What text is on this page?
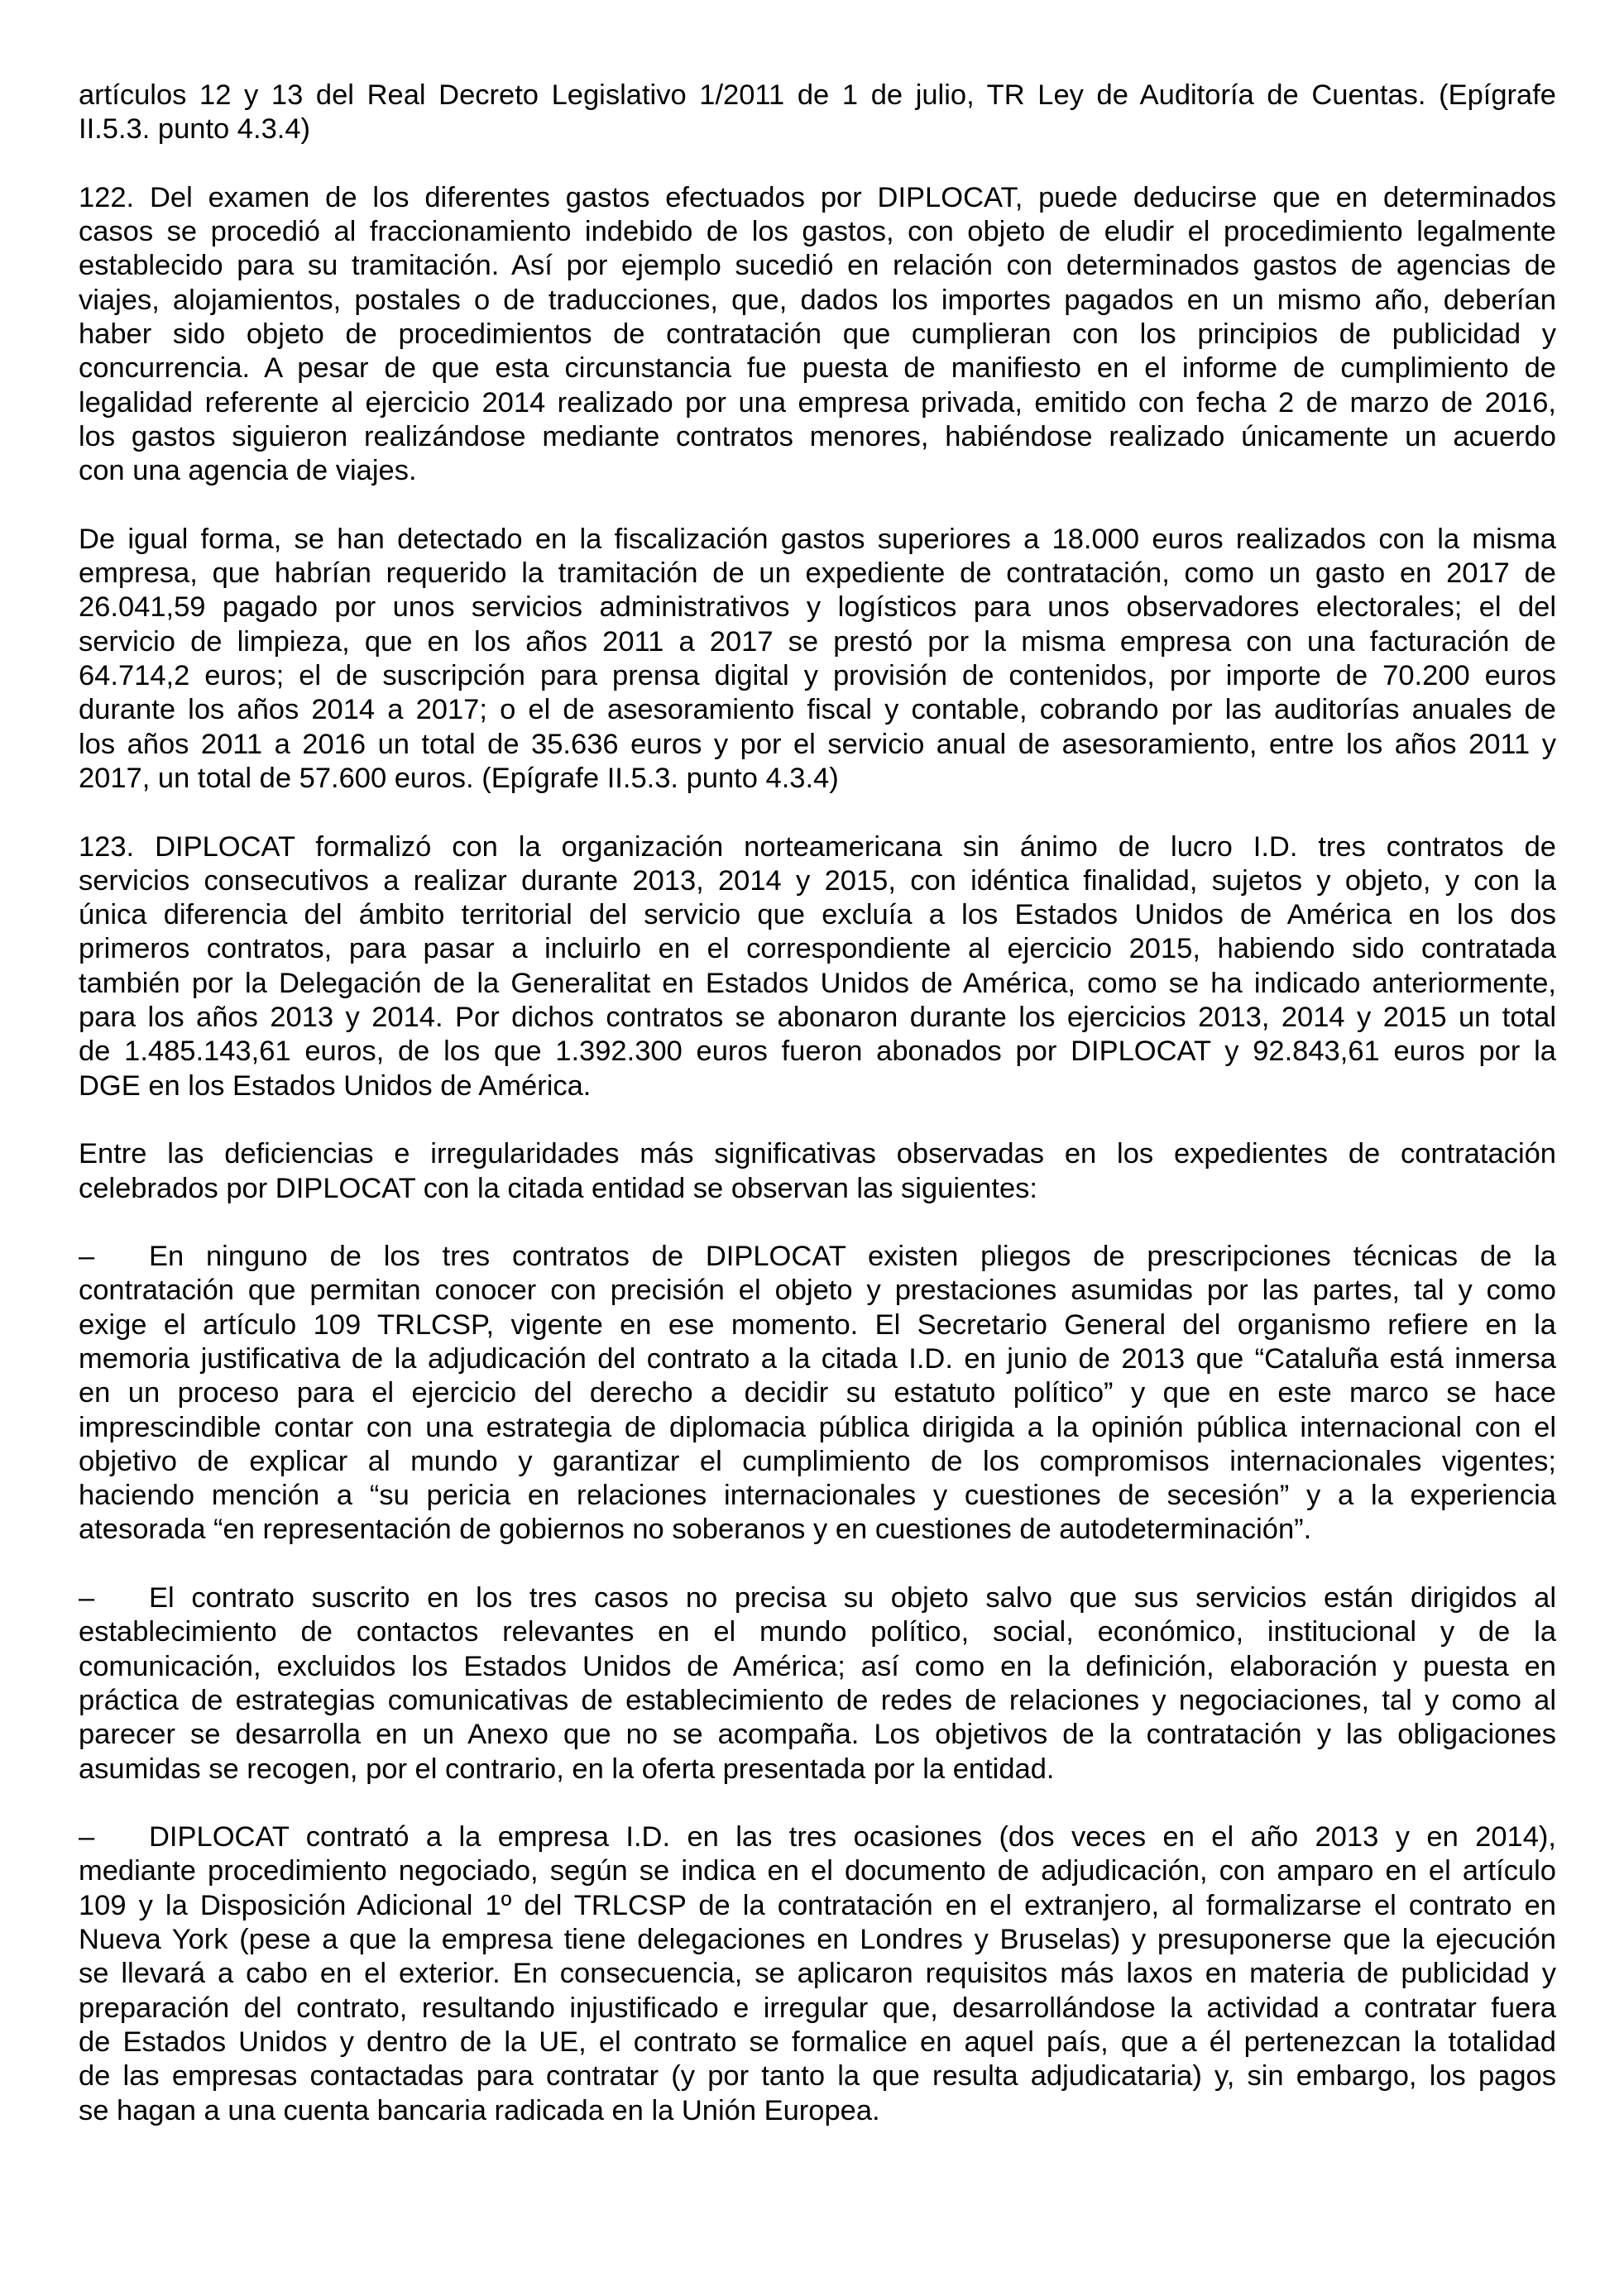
artículos 12 y 13 del Real Decreto Legislativo 1/2011 de 1 de julio, TR Ley de Auditoría de Cuentas. (Epígrafe
II.5.3. punto 4.3.4)
122. Del examen de los diferentes gastos efectuados por DIPLOCAT, puede deducirse que en determinados
casos se procedió al fraccionamiento indebido de los gastos, con objeto de eludir el procedimiento legalmente
establecido para su tramitación. Así por ejemplo sucedió en relación con determinados gastos de agencias de
viajes, alojamientos, postales o de traducciones, que, dados los importes pagados en un mismo año, deberían
haber sido objeto de procedimientos de contratación que cumplieran con los principios de publicidad y
concurrencia. A pesar de que esta circunstancia fue puesta de manifiesto en el informe de cumplimiento de
legalidad referente al ejercicio 2014 realizado por una empresa privada, emitido con fecha 2 de marzo de 2016,
los gastos siguieron realizándose mediante contratos menores, habiéndose realizado únicamente un acuerdo
con una agencia de viajes.
De igual forma, se han detectado en la fiscalización gastos superiores a 18.000 euros realizados con la misma
empresa, que habrían requerido la tramitación de un expediente de contratación, como un gasto en 2017 de
26.041,59 pagado por unos servicios administrativos y logísticos para unos observadores electorales; el del
servicio de limpieza, que en los años 2011 a 2017 se prestó por la misma empresa con una facturación de
64.714,2 euros; el de suscripción para prensa digital y provisión de contenidos, por importe de 70.200 euros
durante los años 2014 a 2017; o el de asesoramiento fiscal y contable, cobrando por las auditorías anuales de
los años 2011 a 2016 un total de 35.636 euros y por el servicio anual de asesoramiento, entre los años 2011 y
2017, un total de 57.600 euros. (Epígrafe II.5.3. punto 4.3.4)
123. DIPLOCAT formalizó con la organización norteamericana sin ánimo de lucro I.D. tres contratos de
servicios consecutivos a realizar durante 2013, 2014 y 2015, con idéntica finalidad, sujetos y objeto, y con la
única diferencia del ámbito territorial del servicio que excluía a los Estados Unidos de América en los dos
primeros contratos, para pasar a incluirlo en el correspondiente al ejercicio 2015, habiendo sido contratada
también por la Delegación de la Generalitat en Estados Unidos de América, como se ha indicado anteriormente,
para los años 2013 y 2014. Por dichos contratos se abonaron durante los ejercicios 2013, 2014 y 2015 un total
de 1.485.143,61 euros, de los que 1.392.300 euros fueron abonados por DIPLOCAT y 92.843,61 euros por la
DGE en los Estados Unidos de América.
Entre las deficiencias e irregularidades más significativas observadas en los expedientes de contratación
celebrados por DIPLOCAT con la citada entidad se observan las siguientes:
–	En ninguno de los tres contratos de DIPLOCAT existen pliegos de prescripciones técnicas de la
contratación que permitan conocer con precisión el objeto y prestaciones asumidas por las partes, tal y como
exige el artículo 109 TRLCSP, vigente en ese momento. El Secretario General del organismo refiere en la
memoria justificativa de la adjudicación del contrato a la citada I.D. en junio de 2013 que “Cataluña está inmersa
en un proceso para el ejercicio del derecho a decidir su estatuto político” y que en este marco se hace
imprescindible contar con una estrategia de diplomacia pública dirigida a la opinión pública internacional con el
objetivo de explicar al mundo y garantizar el cumplimiento de los compromisos internacionales vigentes;
haciendo mención a “su pericia en relaciones internacionales y cuestiones de secesión” y a la experiencia
atesorada “en representación de gobiernos no soberanos y en cuestiones de autodeterminación”.
–	El contrato suscrito en los tres casos no precisa su objeto salvo que sus servicios están dirigidos al
establecimiento de contactos relevantes en el mundo político, social, económico, institucional y de la
comunicación, excluidos los Estados Unidos de América; así como en la definición, elaboración y puesta en
práctica de estrategias comunicativas de establecimiento de redes de relaciones y negociaciones, tal y como al
parecer se desarrolla en un Anexo que no se acompaña. Los objetivos de la contratación y las obligaciones
asumidas se recogen, por el contrario, en la oferta presentada por la entidad.
–	DIPLOCAT contrató a la empresa I.D. en las tres ocasiones (dos veces en el año 2013 y en 2014),
mediante procedimiento negociado, según se indica en el documento de adjudicación, con amparo en el artículo
109 y la Disposición Adicional 1º del TRLCSP de la contratación en el extranjero, al formalizarse el contrato en
Nueva York (pese a que la empresa tiene delegaciones en Londres y Bruselas) y presuponerse que la ejecución
se llevará a cabo en el exterior. En consecuencia, se aplicaron requisitos más laxos en materia de publicidad y
preparación del contrato, resultando injustificado e irregular que, desarrollándose la actividad a contratar fuera
de Estados Unidos y dentro de la UE, el contrato se formalice en aquel país, que a él pertenezcan la totalidad
de las empresas contactadas para contratar (y por tanto la que resulta adjudicataria) y, sin embargo, los pagos
se hagan a una cuenta bancaria radicada en la Unión Europea.
